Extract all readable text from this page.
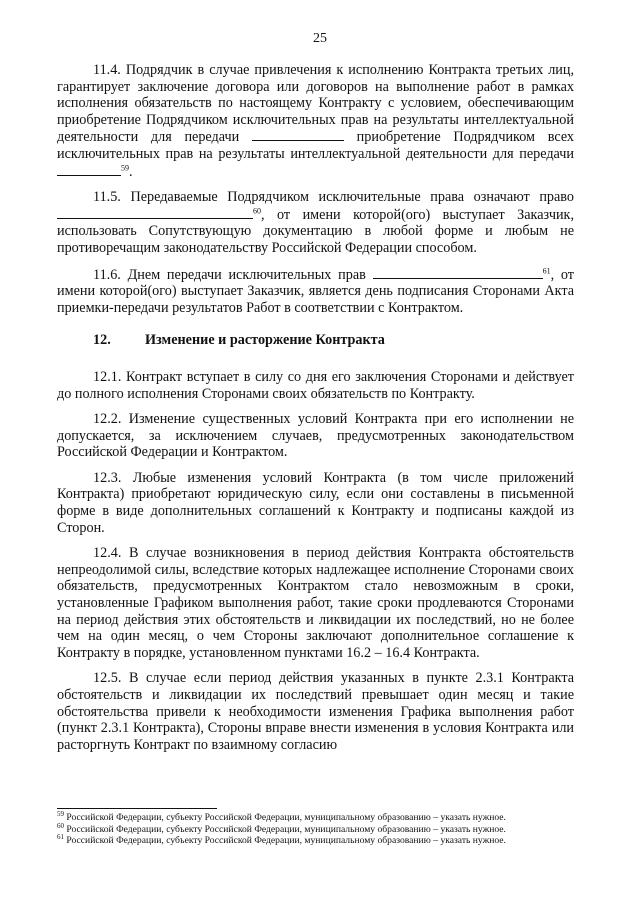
25

11.4. Подрядчик в случае привлечения к исполнению Контракта третьих лиц, гарантирует заключение договора или договоров на выполнение работ в рамках исполнения обязательств по настоящему Контракту с условием, обеспечивающим приобретение Подрядчиком исключительных прав на результаты интеллектуальной деятельности для передачи	приобретение Подрядчиком всех исключительных прав на результаты интеллектуальной деятельности для передачи $^{59}$.

11.5. Передаваемые Подрядчиком исключительные права означают право $^{60}$, от имени которой(ого) выступает Заказчик, использовать Сопутствующую документацию в любой форме и любым не противоречащим законодательству Российской Федерации способом.

11.6. Днем передачи исключительных прав	$^{61}$, от имени которой(ого) выступает Заказчик, является день подписания Сторонами Акта приемки-передачи результатов Работ в соответствии с Контрактом.

12. Изменение и расторжение Контракта

12.1. Контракт вступает в силу со дня его заключения Сторонами и действует до полного исполнения Сторонами своих обязательств по Контракту.

12.2. Изменение существенных условий Контракта при его исполнении не допускается, за исключением случаев, предусмотренных законодательством Российской Федерации и Контрактом.

12.3. Любые изменения условий Контракта (в том числе приложений Контракта) приобретают юридическую силу, если они составлены в письменной форме в виде дополнительных соглашений к Контракту и подписаны каждой из Сторон.

12.4. В случае возникновения в период действия Контракта обстоятельств непреодолимой силы, вследствие которых надлежащее исполнение Сторонами своих обязательств, предусмотренных Контрактом стало невозможным в сроки, установленные Графиком выполнения работ, такие сроки продлеваются Сторонами на период действия этих обстоятельств и ликвидации их последствий, но не более чем на один месяц, о чем Стороны заключают дополнительное соглашение к Контракту в порядке, установленном пунктами 16.2 – 16.4 Контракта.

12.5. В случае если период действия указанных в пункте 2.3.1 Контракта обстоятельств и ликвидации их последствий превышает один месяц и такие обстоятельства привели к необходимости изменения Графика выполнения работ (пункт 2.3.1 Контракта), Стороны вправе внести изменения в условия Контракта или расторгнуть Контракт по взаимному согласию

$^{59}$ Российской Федерации, субъекту Российской Федерации, муниципальному образованию – указать нужное.
$^{60}$ Российской Федерации, субъекту Российской Федерации, муниципальному образованию – указать нужное.
$^{61}$ Российской Федерации, субъекту Российской Федерации, муниципальному образованию – указать нужное.
